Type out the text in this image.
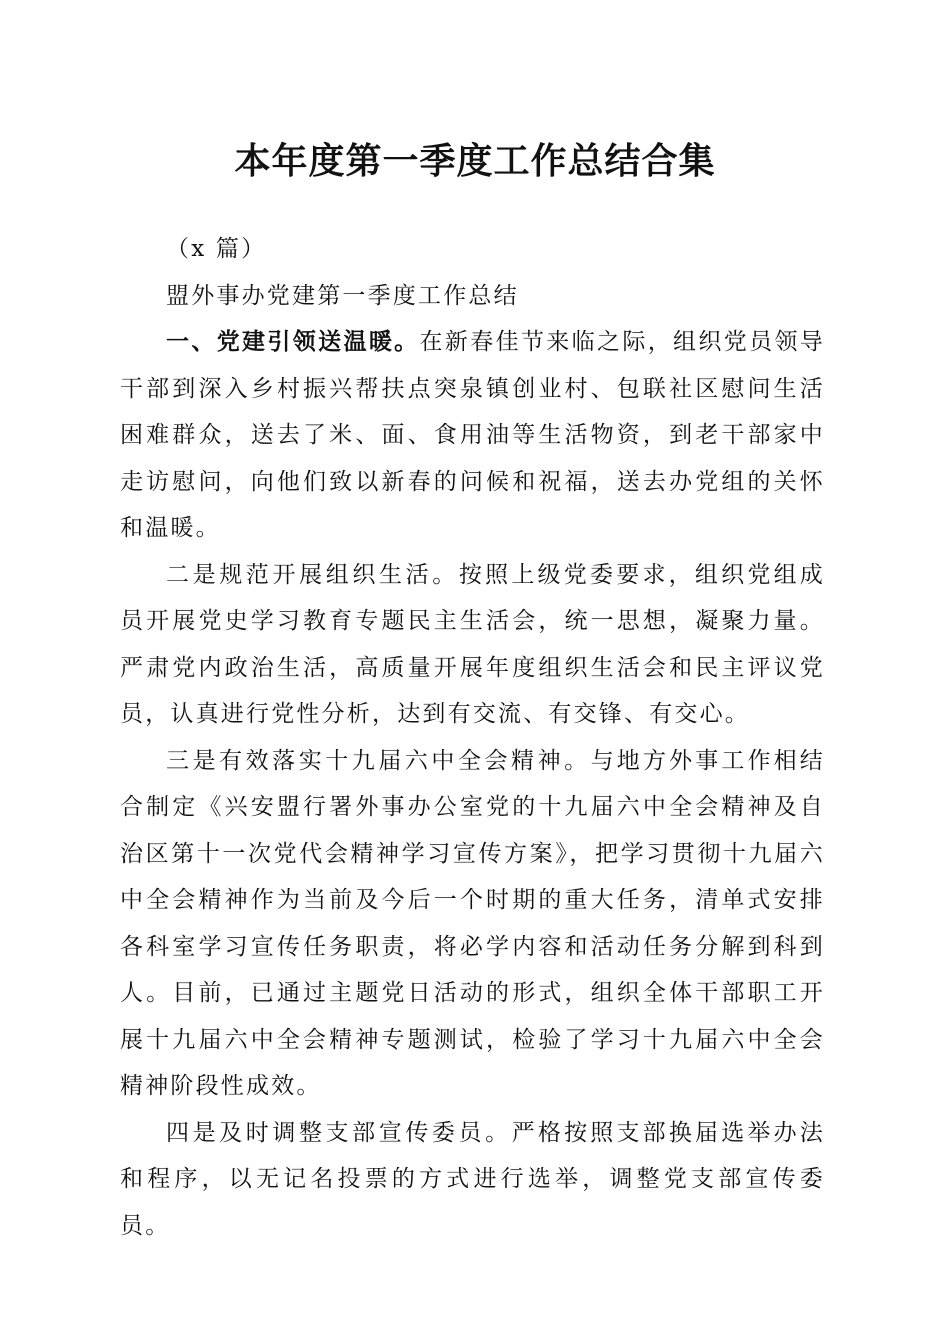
本年度第一季度工作总结合集

（x 篇）

盟外事办党建第一季度工作总结

一、党建引领送温暖。在新春佳节来临之际，组织党员领导干部到深入乡村振兴帮扶点突泉镇创业村、包联社区慰问生活困难群众，送去了米、面、食用油等生活物资，到老干部家中走访慰问，向他们致以新春的问候和祝福，送去办党组的关怀和温暖。

二是规范开展组织生活。按照上级党委要求，组织党组成员开展党史学习教育专题民主生活会，统一思想，凝聚力量。严肃党内政治生活，高质量开展年度组织生活会和民主评议党员，认真进行党性分析，达到有交流、有交锋、有交心。

三是有效落实十九届六中全会精神。与地方外事工作相结合制定《兴安盟行署外事办公室党的十九届六中全会精神及自治区第十一次党代会精神学习宣传方案》，把学习贯彻十九届六中全会精神作为当前及今后一个时期的重大任务，清单式安排各科室学习宣传任务职责，将必学内容和活动任务分解到科到人。目前，已通过主题党日活动的形式，组织全体干部职工开展十九届六中全会精神专题测试，检验了学习十九届六中全会精神阶段性成效。

四是及时调整支部宣传委员。严格按照支部换届选举办法和程序，以无记名投票的方式进行选举，调整党支部宣传委员。
